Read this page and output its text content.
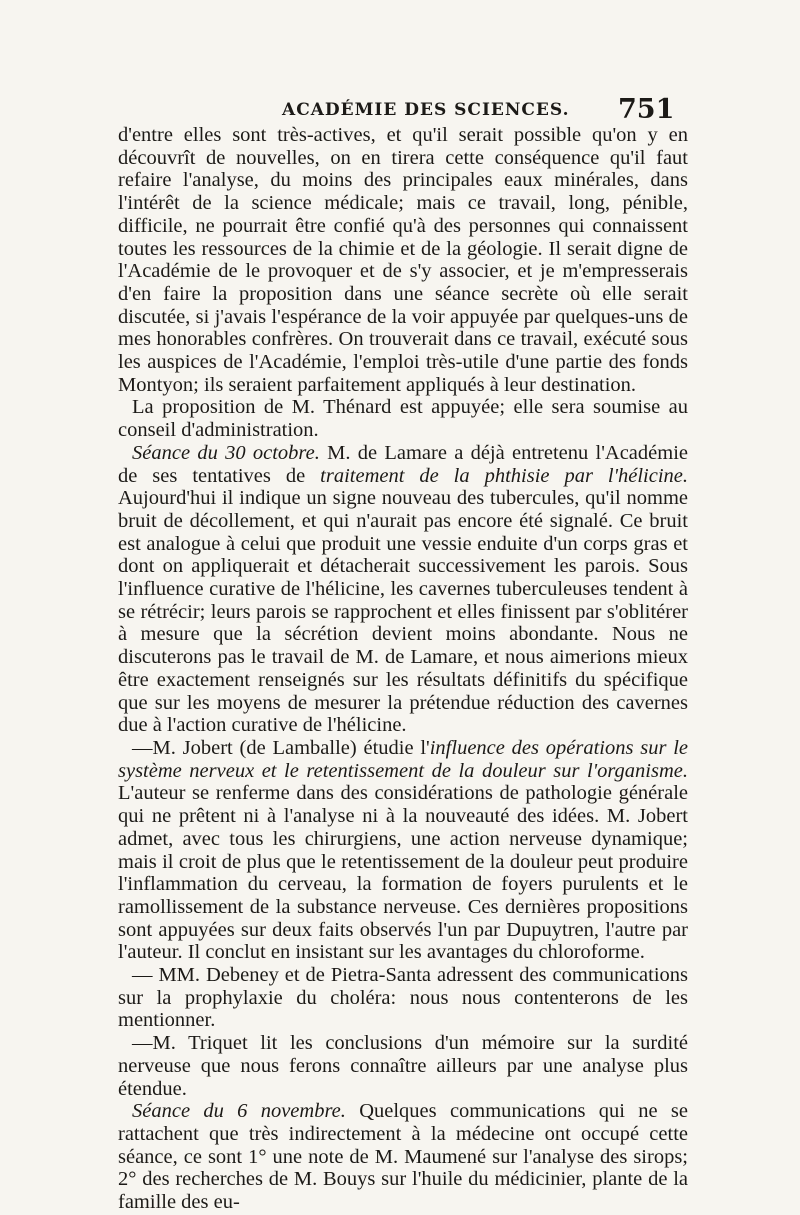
ACADÉMIE DES SCIENCES. 751

d'entre elles sont très-actives, et qu'il serait possible qu'on y en découvrît de nouvelles, on en tirera cette conséquence qu'il faut refaire l'analyse, du moins des principales eaux minérales, dans l'intérêt de la science médicale; mais ce travail, long, pénible, difficile, ne pourrait être confié qu'à des personnes qui connaissent toutes les ressources de la chimie et de la géologie. Il serait digne de l'Académie de le provoquer et de s'y associer, et je m'empresserais d'en faire la proposition dans une séance secrète où elle serait discutée, si j'avais l'espérance de la voir appuyée par quelques-uns de mes honorables confrères. On trouverait dans ce travail, exécuté sous les auspices de l'Académie, l'emploi très-utile d'une partie des fonds Montyon; ils seraient parfaitement appliqués à leur destination.

La proposition de M. Thénard est appuyée; elle sera soumise au conseil d'administration.

Séance du 30 octobre. M. de Lamare a déjà entretenu l'Académie de ses tentatives de traitement de la phthisie par l'hélicine. Aujourd'hui il indique un signe nouveau des tubercules, qu'il nomme bruit de décollement, et qui n'aurait pas encore été signalé. Ce bruit est analogue à celui que produit une vessie enduite d'un corps gras et dont on appliquerait et détacherait successivement les parois. Sous l'influence curative de l'hélicine, les cavernes tuberculeuses tendent à se rétrécir; leurs parois se rapprochent et elles finissent par s'oblitérer à mesure que la sécrétion devient moins abondante. Nous ne discuterons pas le travail de M. de Lamare, et nous aimerions mieux être exactement renseignés sur les résultats définitifs du spécifique que sur les moyens de mesurer la prétendue réduction des cavernes due à l'action curative de l'hélicine.

—M. Jobert (de Lamballe) étudie l'influence des opérations sur le système nerveux et le retentissement de la douleur sur l'organisme. L'auteur se renferme dans des considérations de pathologie générale qui ne prêtent ni à l'analyse ni à la nouveauté des idées. M. Jobert admet, avec tous les chirurgiens, une action nerveuse dynamique; mais il croit de plus que le retentissement de la douleur peut produire l'inflammation du cerveau, la formation de foyers purulents et le ramollissement de la substance nerveuse. Ces dernières propositions sont appuyées sur deux faits observés l'un par Dupuytren, l'autre par l'auteur. Il conclut en insistant sur les avantages du chloroforme.

— MM. Debeney et de Pietra-Santa adressent des communications sur la prophylaxie du choléra: nous nous contenterons de les mentionner.

—M. Triquet lit les conclusions d'un mémoire sur la surdité nerveuse que nous ferons connaître ailleurs par une analyse plus étendue.

Séance du 6 novembre. Quelques communications qui ne se rattachent que très indirectement à la médecine ont occupé cette séance, ce sont 1° une note de M. Maumené sur l'analyse des sirops; 2° des recherches de M. Bouys sur l'huile du médicinier, plante de la famille des eu-
